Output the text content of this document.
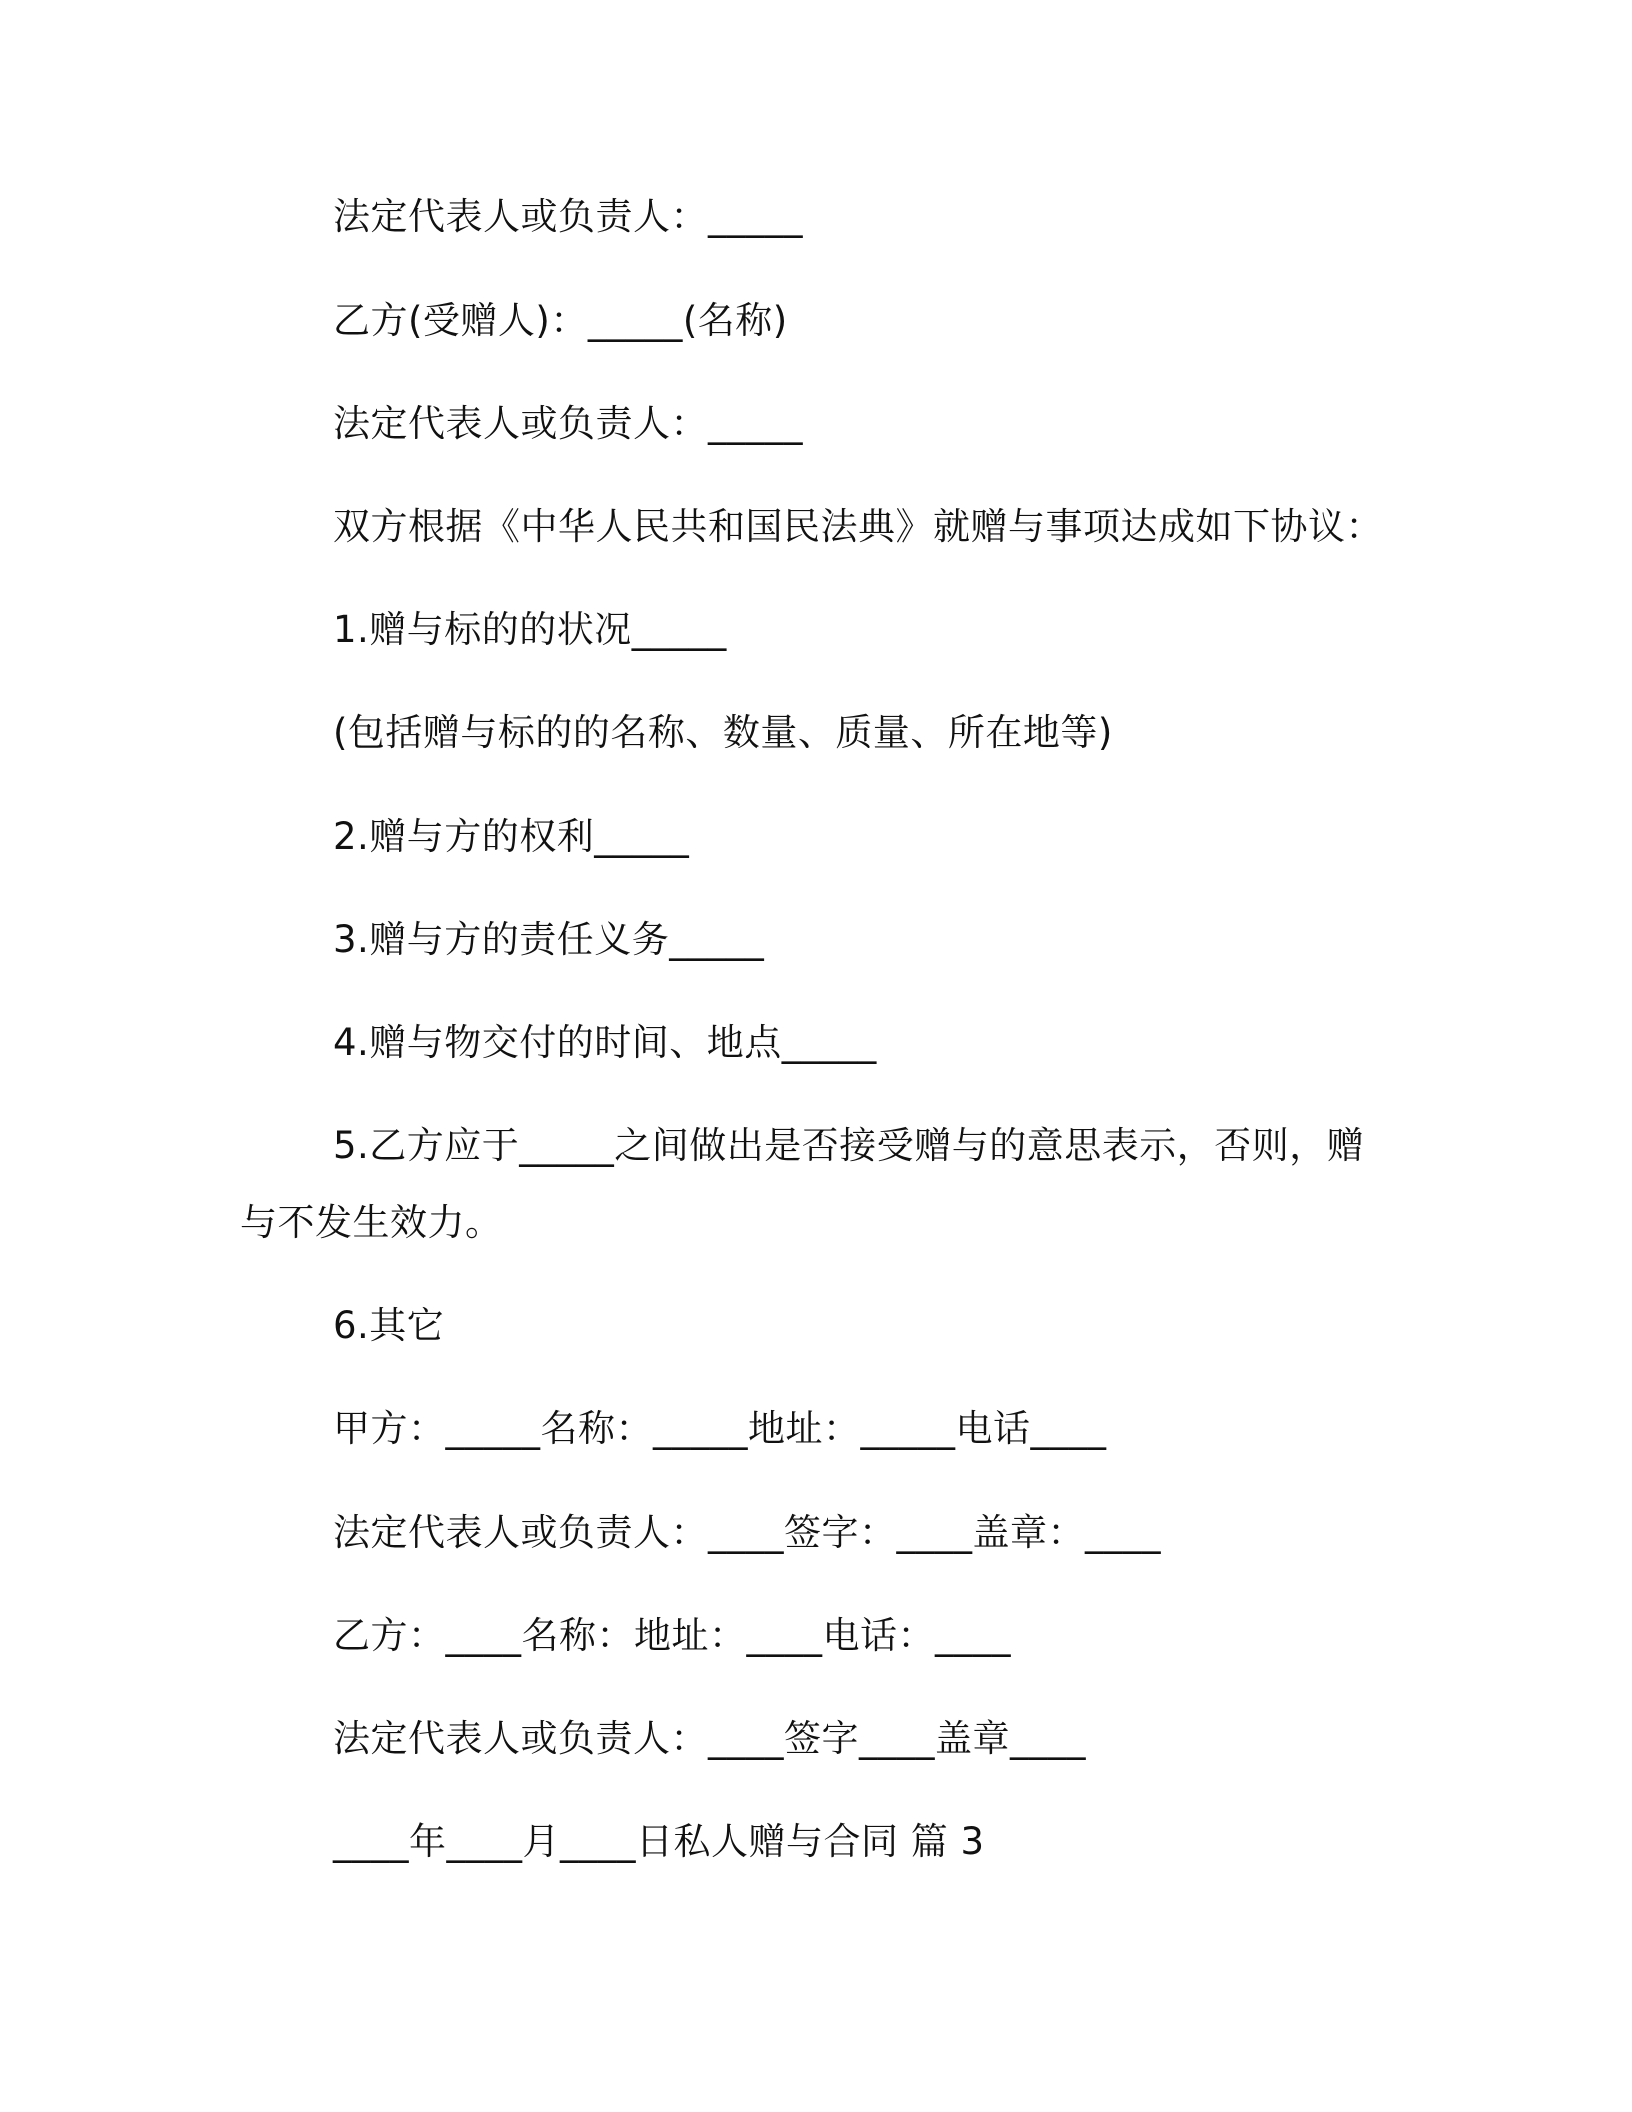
法定代表人或负责人：_____
乙方(受赠人)：_____(名称)
法定代表人或负责人：_____
双方根据《中华人民共和国民法典》就赠与事项达成如下协议：
1.赠与标的的状况_____
(包括赠与标的的名称、数量、质量、所在地等)
2.赠与方的权利_____
3.赠与方的责任义务_____
4.赠与物交付的时间、地点_____
5.乙方应于_____之间做出是否接受赠与的意思表示，否则，赠
与不发生效力。
6.其它
甲方：_____名称：_____地址：_____电话____
法定代表人或负责人：____签字：____盖章：____
乙方：____名称：地址：____电话：____
法定代表人或负责人：____签字____盖章____
____年____月____日私人赠与合同 篇 3
